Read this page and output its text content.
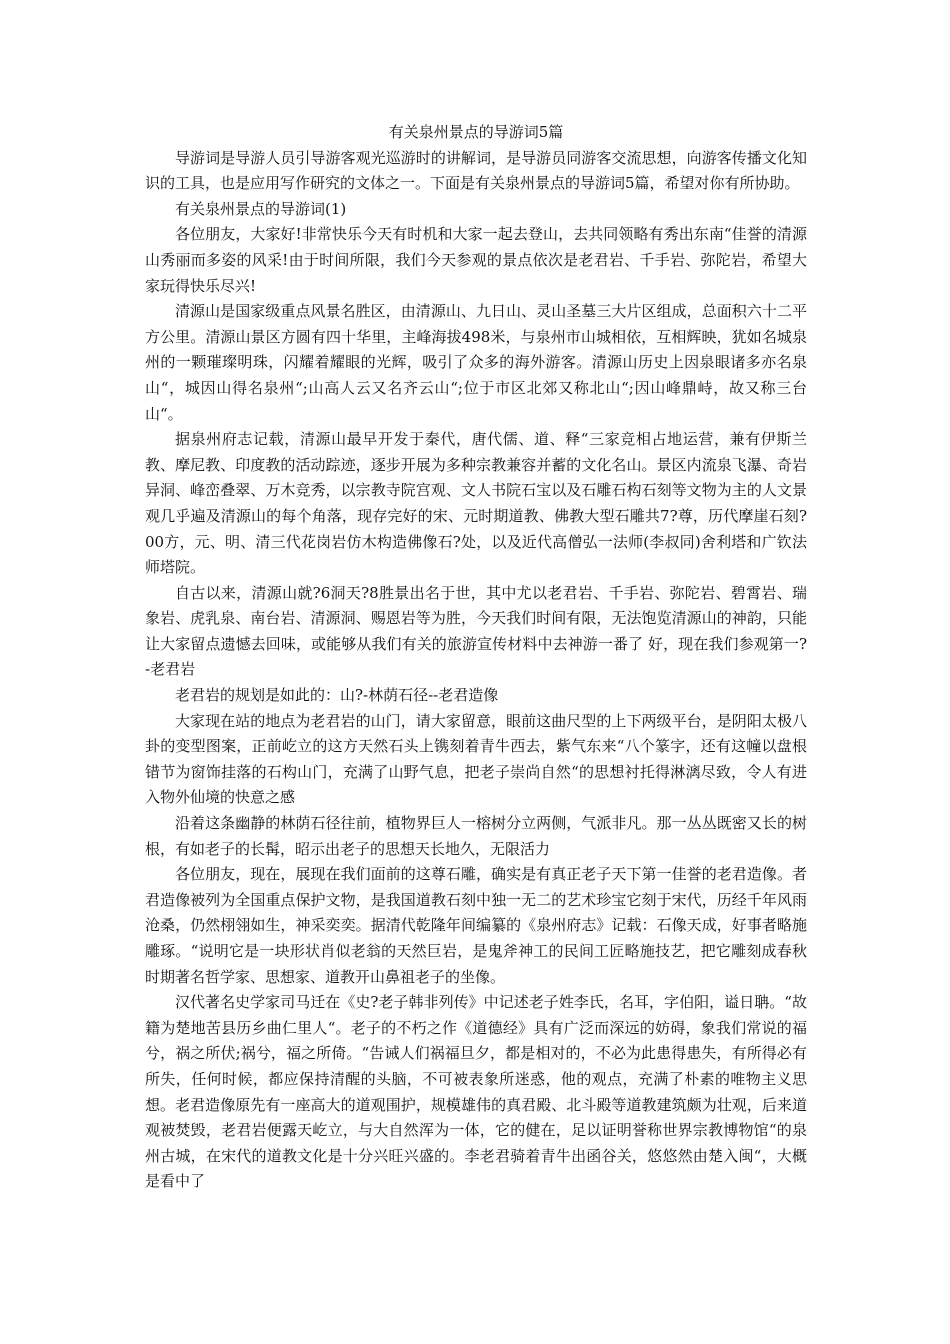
有关泉州景点的导游词5篇

导游词是导游人员引导游客观光巡游时的讲解词，是导游员同游客交流思想，向游客传播文化知识的工具，也是应用写作研究的文体之一。下面是有关泉州景点的导游词5篇，希望对你有所协助。

有关泉州景点的导游词(1)

各位朋友，大家好!非常快乐今天有时机和大家一起去登山，去共同领略有秀出东南“佳誉的清源山秀丽而多姿的风采!由于时间所限，我们今天参观的景点依次是老君岩、千手岩、弥陀岩，希望大家玩得快乐尽兴!

清源山是国家级重点风景名胜区，由清源山、九日山、灵山圣墓三大片区组成，总面积六十二平方公里。清源山景区方圆有四十华里，主峰海拔498米，与泉州市山城相依，互相辉映，犹如名城泉州的一颗璀璨明珠，闪耀着耀眼的光辉，吸引了众多的海外游客。清源山历史上因泉眼诸多亦名泉山“，城因山得名泉州“;山高人云又名齐云山“;位于市区北郊又称北山“;因山峰鼎峙，故又称三台山“。

据泉州府志记载，清源山最早开发于秦代，唐代儒、道、释“三家竞相占地运营，兼有伊斯兰教、摩尼教、印度教的活动踪迹，逐步开展为多种宗教兼容并蓄的文化名山。景区内流泉飞瀑、奇岩异洞、峰峦叠翠、万木竞秀，以宗教寺院宫观、文人书院石宝以及石雕石构石刻等文物为主的人文景观几乎遍及清源山的每个角落，现存完好的宋、元时期道教、佛教大型石雕共7?尊，历代摩崖石刻?00方，元、明、清三代花岗岩仿木构造佛像石?处，以及近代高僧弘一法师(李叔同)舍利塔和广钦法师塔院。

自古以来，清源山就?6洞天?8胜景出名于世，其中尤以老君岩、千手岩、弥陀岩、碧霄岩、瑞象岩、虎乳泉、南台岩、清源洞、赐恩岩等为胜，今天我们时间有限，无法饱览清源山的神韵，只能让大家留点遗憾去回味，或能够从我们有关的旅游宣传材料中去神游一番了 好，现在我们参观第一?-老君岩

老君岩的规划是如此的：山?-林荫石径--老君造像

大家现在站的地点为老君岩的山门，请大家留意，眼前这曲尺型的上下两级平台，是阴阳太极八卦的变型图案，正前屹立的这方天然石头上镌刻着青牛西去，紫气东来“八个篆字，还有这幢以盘根错节为窗饰挂落的石构山门，充满了山野气息，把老子崇尚自然“的思想衬托得淋漓尽致，令人有进入物外仙境的快意之感

沿着这条幽静的林荫石径往前，植物界巨人一榕树分立两侧，气派非凡。那一丛丛既密又长的树根，有如老子的长髯，昭示出老子的思想天长地久，无限活力

各位朋友，现在，展现在我们面前的这尊石雕，确实是有真正老子天下第一佳誉的老君造像。者君造像被列为全国重点保护文物，是我国道教石刻中独一无二的艺术珍宝它刻于宋代，历经千年风雨沧桑，仍然栩翎如生，神采奕奕。据清代乾隆年间编纂的《泉州府志》记载：石像天成，好事者略施雕琢。“说明它是一块形状肖似老翁的天然巨岩，是鬼斧神工的民间工匠略施技艺，把它雕刻成春秋时期著名哲学家、思想家、道教开山鼻祖老子的坐像。

汉代著名史学家司马迁在《史?老子韩非列传》中记述老子姓李氏，名耳，字伯阳，谥日聃。“故籍为楚地苦县历乡曲仁里人“。老子的不朽之作《道德经》具有广泛而深远的妨碍，象我们常说的福兮，祸之所伏;祸兮，福之所倚。“告诫人们祸福旦夕，都是相对的，不必为此患得患失，有所得必有所失，任何时候，都应保持清醒的头脑，不可被表象所迷惑，他的观点，充满了朴素的唯物主义思想。老君造像原先有一座高大的道观围护，规模雄伟的真君殿、北斗殿等道教建筑颇为壮观，后来道观被焚毁，老君岩便露天屹立，与大自然浑为一体，它的健在，足以证明誉称世界宗教博物馆“的泉州古城，在宋代的道教文化是十分兴旺兴盛的。李老君骑着青牛出函谷关，悠悠然由楚入闽“，大概是看中了
